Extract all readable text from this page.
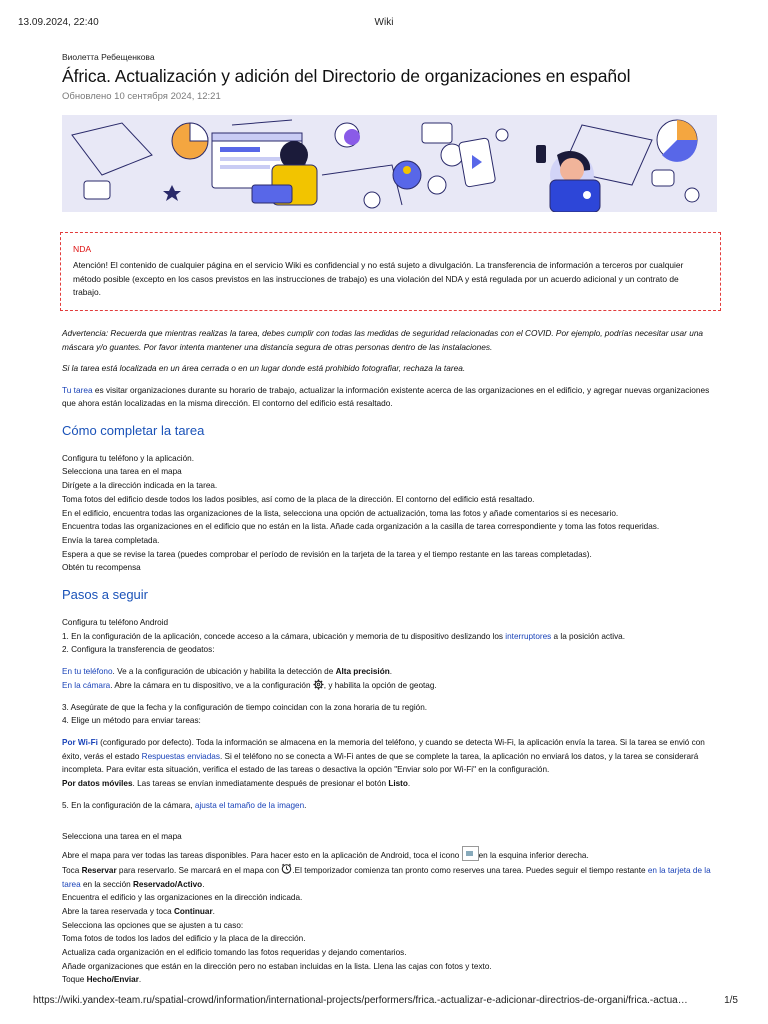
13.09.2024, 22:40	Wiki

Виолетта Ребещенкова

África. Actualización y adición del Directorio de organizaciones en español

Обновлено 10 сентября 2024, 12:21

NDA
Atención! El contenido de cualquier página en el servicio Wiki es confidencial y no está sujeto a divulgación. La transferencia de información a terceros por cualquier método posible (excepto en los casos previstos en las instrucciones de trabajo) es una violación del NDA y está regulada por un acuerdo adicional y un contrato de trabajo.

Advertencia: Recuerda que mientras realizas la tarea, debes cumplir con todas las medidas de seguridad relacionadas con el COVID. Por ejemplo, podrías necesitar usar una máscara y/o guantes. Por favor intenta mantener una distancia segura de otras personas dentro de las instalaciones.

Si la tarea está localizada en un área cerrada o en un lugar donde está prohibido fotografiar, rechaza la tarea.

Tu tarea es visitar organizaciones durante su horario de trabajo, actualizar la información existente acerca de las organizaciones en el edificio, y agregar nuevas organizaciones que ahora están localizadas en la misma dirección. El contorno del edificio está resaltado.

Cómo completar la tarea
Configura tu teléfono y la aplicación.
Selecciona una tarea en el mapa
Dirígete a la dirección indicada en la tarea.
Toma fotos del edificio desde todos los lados posibles, así como de la placa de la dirección. El contorno del edificio está resaltado.
En el edificio, encuentra todas las organizaciones de la lista, selecciona una opción de actualización, toma las fotos y añade comentarios si es necesario.
Encuentra todas las organizaciones en el edificio que no están en la lista. Añade cada organización a la casilla de tarea correspondiente y toma las fotos requeridas.
Envía la tarea completada.
Espera a que se revise la tarea (puedes comprobar el período de revisión en la tarjeta de la tarea y el tiempo restante en las tareas completadas).
Obtén tu recompensa
Pasos a seguir
Configura tu teléfono Android
1. En la configuración de la aplicación, concede acceso a la cámara, ubicación y memoria de tu dispositivo deslizando los interruptores a la posición activa.
2. Configura la transferencia de geodatos:
En tu teléfono. Ve a la configuración de ubicación y habilita la detección de Alta precisión.
En la cámara. Abre la cámara en tu dispositivo, ve a la configuración , y habilita la opción de geotag.
3. Asegúrate de que la fecha y la configuración de tiempo coincidan con la zona horaria de tu región.
4. Elige un método para enviar tareas:
Por Wi-Fi (configurado por defecto). Toda la información se almacena en la memoria del teléfono, y cuando se detecta Wi-Fi, la aplicación envía la tarea. Si la tarea se envió con éxito, verás el estado Respuestas enviadas. Si el teléfono no se conecta a Wi-Fi antes de que se complete la tarea, la aplicación no enviará los datos, y la tarea se considerará incompleta. Para evitar esta situación, verifica el estado de las tareas o desactiva la opción "Enviar solo por Wi-Fi" en la configuración.
Por datos móviles. Las tareas se envían inmediatamente después de presionar el botón Listo.
5. En la configuración de la cámara, ajusta el tamaño de la imagen.
Selecciona una tarea en el mapa
Abre el mapa para ver todas las tareas disponibles. Para hacer esto en la aplicación de Android, toca el icono en la esquina inferior derecha.
Toca Reservar para reservarlo. Se marcará en el mapa con .El temporizador comienza tan pronto como reserves una tarea. Puedes seguir el tiempo restante en la tarjeta de la tarea en la sección Reservado/Activo.
Encuentra el edificio y las organizaciones en la dirección indicada.
Abre la tarea reservada y toca Continuar.
Selecciona las opciones que se ajusten a tu caso:
Toma fotos de todos los lados del edificio y la placa de la dirección.
Actualiza cada organización en el edificio tomando las fotos requeridas y dejando comentarios.
Añade organizaciones que están en la dirección pero no estaban incluidas en la lista. Llena las cajas con fotos y texto.
Toque Hecho/Enviar.
https://wiki.yandex-team.ru/spatial-crowd/information/international-projects/performers/frica.-actualizar-e-adicionar-directrios-de-organi/frica.-actua…	1/5
